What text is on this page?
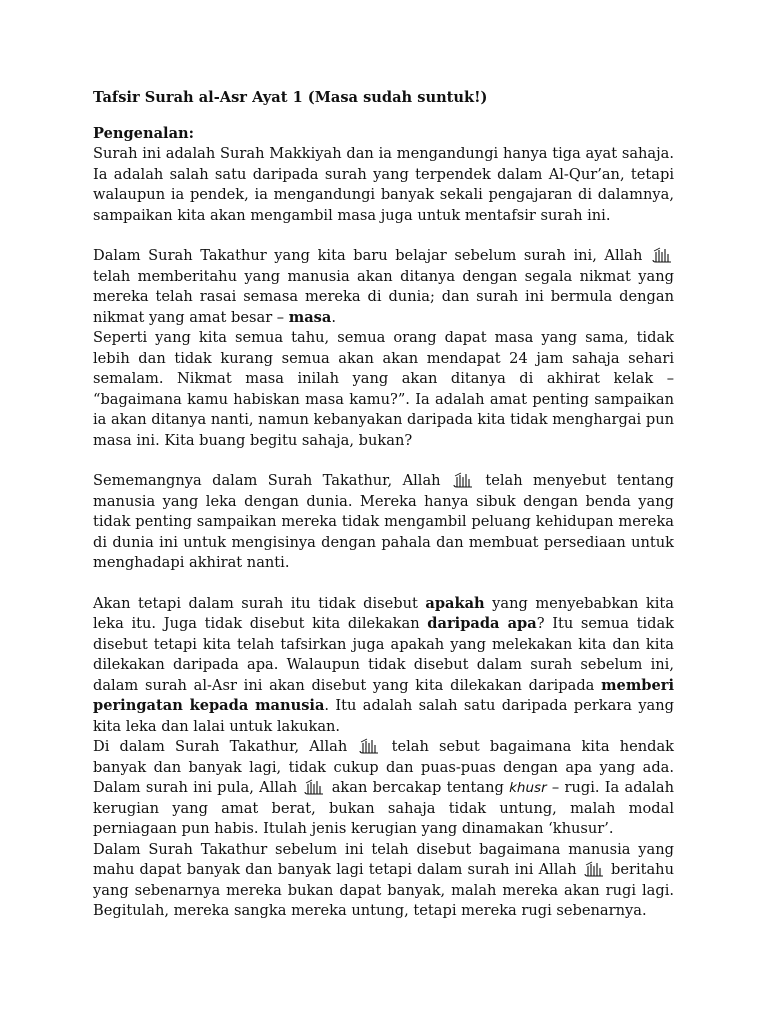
Tafsir Surah al-Asr Ayat 1 (Masa sudah suntuk!)

Pengenalan:

Surah ini adalah Surah Makkiyah dan ia mengandungi hanya tiga ayat sahaja. Ia adalah salah satu daripada surah yang terpendek dalam Al-Qur’an, tetapi walaupun ia pendek, ia mengandungi banyak sekali pengajaran di dalamnya, sampaikan kita akan mengambil masa juga untuk mentafsir surah ini.

Dalam Surah Takathur yang kita baru belajar sebelum surah ini, Allah
telah memberitahu yang manusia akan ditanya dengan segala nikmat yang mereka telah rasai semasa mereka di dunia; dan surah ini bermula dengan nikmat yang amat besar – masa.

Seperti yang kita semua tahu, semua orang dapat masa yang sama, tidak lebih dan tidak kurang semua akan akan mendapat 24 jam sahaja sehari semalam. Nikmat masa inilah yang akan ditanya di akhirat kelak – “bagaimana kamu habiskan masa kamu?”. Ia adalah amat penting sampaikan ia akan ditanya nanti, namun kebanyakan daripada kita tidak menghargai pun masa ini. Kita buang begitu sahaja, bukan?

Sememangnya dalam Surah Takathur, Allah	telah menyebut tentang manusia yang leka dengan dunia. Mereka hanya sibuk dengan benda yang tidak penting sampaikan mereka tidak mengambil peluang kehidupan mereka di dunia ini untuk mengisinya dengan pahala dan membuat persediaan untuk menghadapi akhirat nanti.

Akan tetapi dalam surah itu tidak disebut apakah yang menyebabkan kita leka itu. Juga tidak disebut kita dilekakan daripada apa? Itu semua tidak disebut tetapi kita telah tafsirkan juga apakah yang melekakan kita dan kita dilekakan daripada apa. Walaupun tidak disebut dalam surah sebelum ini, dalam surah al-Asr ini akan disebut yang kita dilekakan daripada memberi peringatan kepada manusia. Itu adalah salah satu daripada perkara yang kita leka dan lalai untuk lakukan.

Di dalam Surah Takathur, Allah	telah sebut bagaimana kita hendak banyak dan banyak lagi, tidak cukup dan puas-puas dengan apa yang ada. Dalam surah ini pula, Allah akan bercakap tentang khusr – rugi. Ia adalah kerugian yang amat berat, bukan sahaja tidak untung, malah modal perniagaan pun habis. Itulah jenis kerugian yang dinamakan ‘khusur’.

Dalam Surah Takathur sebelum ini telah disebut bagaimana manusia yang mahu dapat banyak dan banyak lagi tetapi dalam surah ini Allah beritahu yang sebenarnya mereka bukan dapat banyak, malah mereka akan rugi lagi. Begitulah, mereka sangka mereka untung, tetapi mereka rugi sebenarnya.
